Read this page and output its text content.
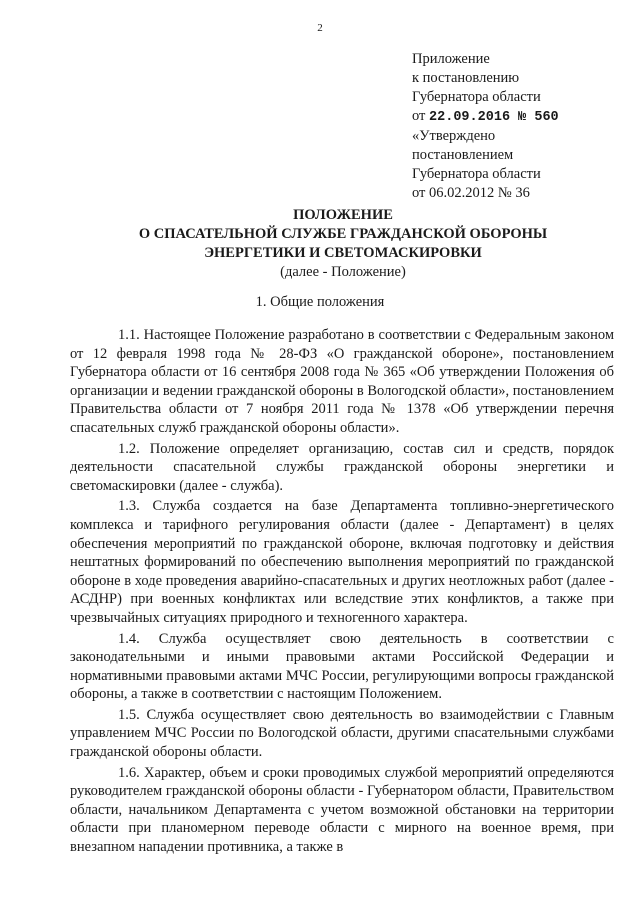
2
Приложение
к постановлению
Губернатора области
от 22.09.2016 № 560
«Утверждено
постановлением
Губернатора области
от 06.02.2012 № 36
ПОЛОЖЕНИЕ
О СПАСАТЕЛЬНОЙ СЛУЖБЕ ГРАЖДАНСКОЙ ОБОРОНЫ
ЭНЕРГЕТИКИ И СВЕТОМАСКИРОВКИ
(далее - Положение)
1. Общие положения

1.1. Настоящее Положение разработано в соответствии с Федеральным законом от 12 февраля 1998 года № 28-ФЗ «О гражданской обороне», постановлением Губернатора области от 16 сентября 2008 года № 365 «Об утверждении Положения об организации и ведении гражданской обороны в Вологодской области», постановлением Правительства области от 7 ноября 2011 года № 1378 «Об утверждении перечня спасательных служб гражданской обороны области».

1.2. Положение определяет организацию, состав сил и средств, порядок деятельности спасательной службы гражданской обороны энергетики и светомаскировки (далее - служба).

1.3. Служба создается на базе Департамента топливно-энергетического комплекса и тарифного регулирования области (далее - Департамент) в целях обеспечения мероприятий по гражданской обороне, включая подготовку и действия нештатных формирований по обеспечению выполнения мероприятий по гражданской обороне в ходе проведения аварийно-спасательных и других неотложных работ (далее - АСДНР) при военных конфликтах или вследствие этих конфликтов, а также при чрезвычайных ситуациях природного и техногенного характера.

1.4. Служба осуществляет свою деятельность в соответствии с законодательными и иными правовыми актами Российской Федерации и нормативными правовыми актами МЧС России, регулирующими вопросы гражданской обороны, а также в соответствии с настоящим Положением.

1.5. Служба осуществляет свою деятельность во взаимодействии с Главным управлением МЧС России по Вологодской области, другими спасательными службами гражданской обороны области.

1.6. Характер, объем и сроки проводимых службой мероприятий определяются руководителем гражданской обороны области - Губернатором области, Правительством области, начальником Департамента с учетом возможной обстановки на территории области при планомерном переводе области с мирного на военное время, при внезапном нападении противника, а также в
